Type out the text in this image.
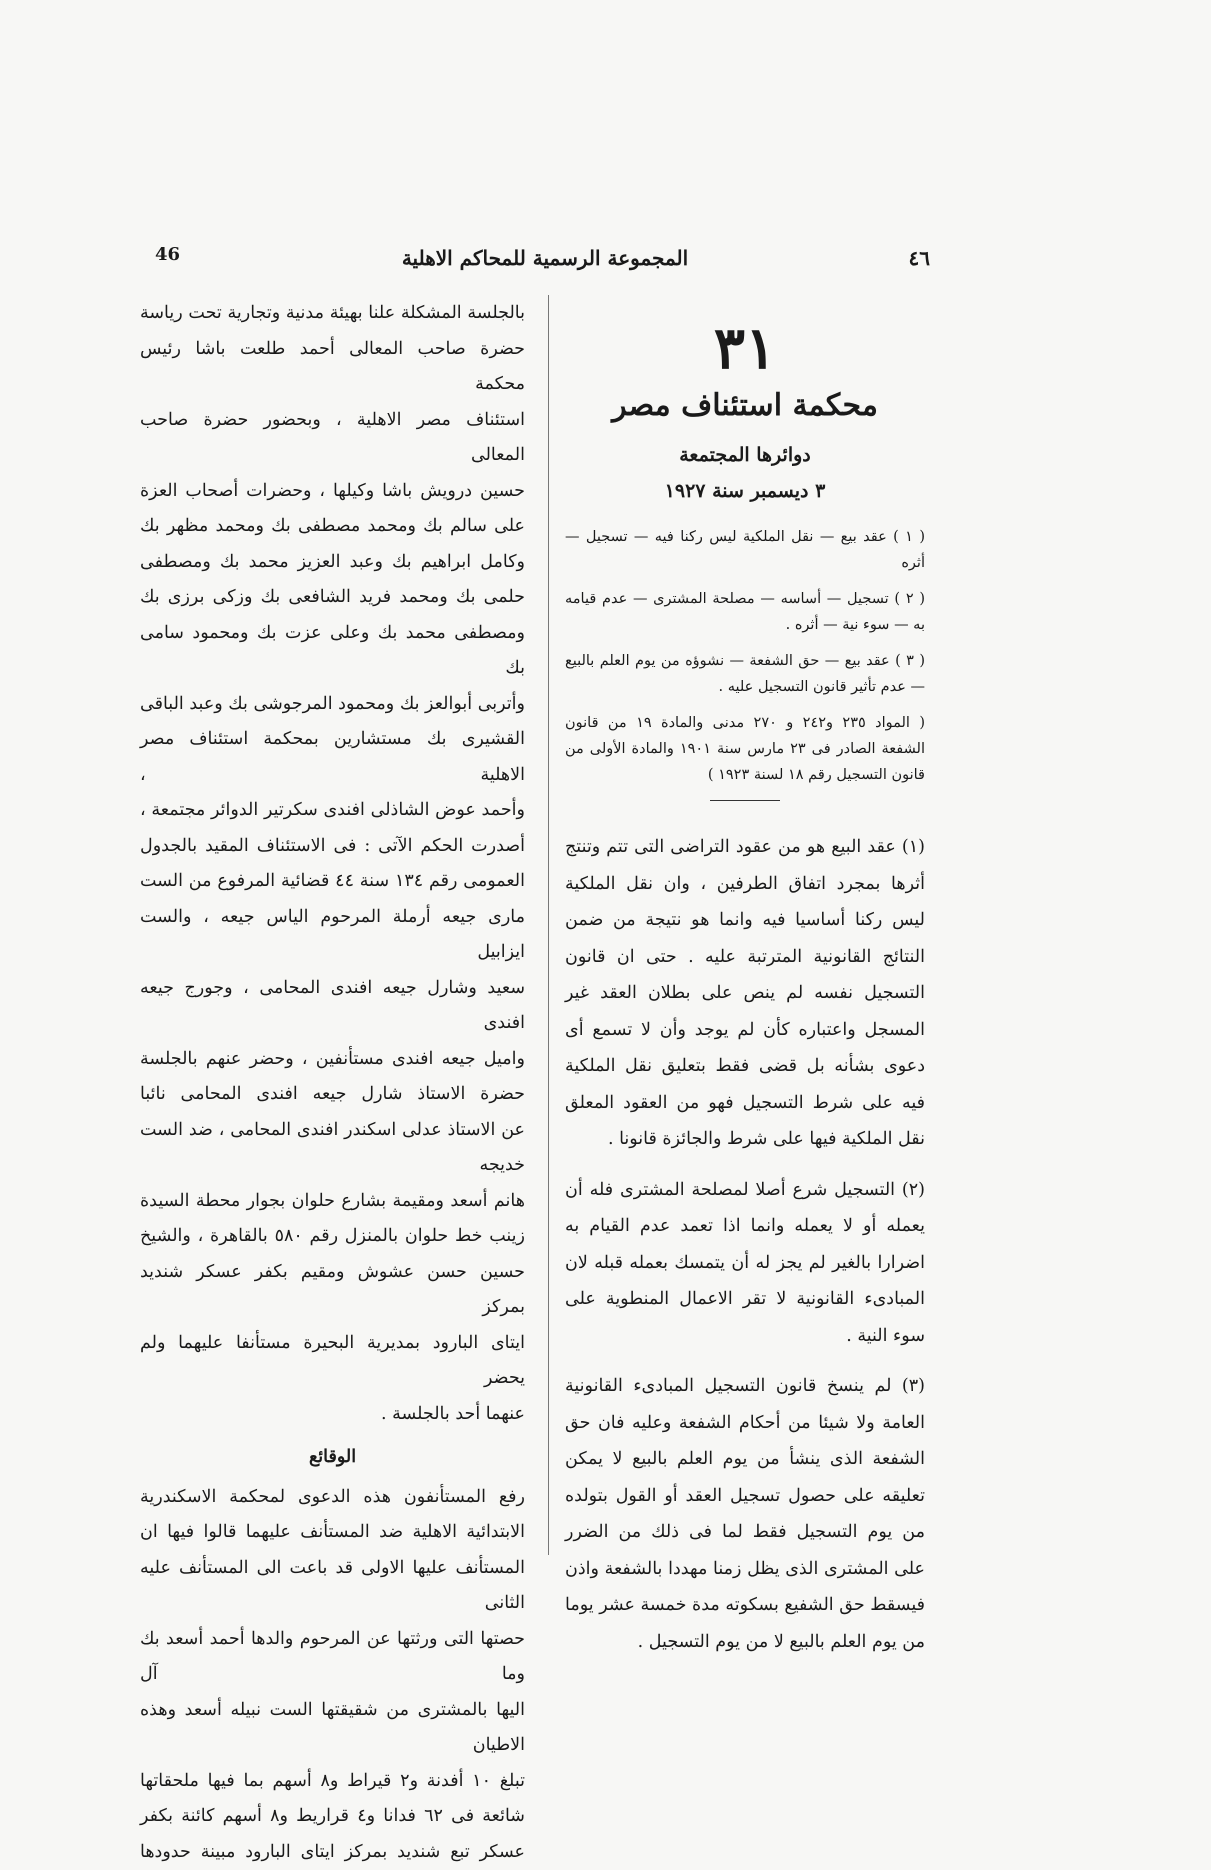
46	المجموعة الرسمية للمحاكم الاهلية	٤٦
٣١
محكمة استئناف مصر
دوائرها المجتمعة
٣ ديسمبر سنة ١٩٢٧

( ١ ) عقد بيع — نقل الملكية ليس ركنا فيه — تسجيل — أثره

( ٢ ) تسجيل — أساسه — مصلحة المشترى — عدم قيامه به — سوء نية — أثره .

( ٣ ) عقد بيع — حق الشفعة — نشوؤه من يوم العلم بالبيع — عدم تأثير قانون التسجيل عليه .

( المواد ٢٣٥ و٢٤٢ و ٢٧٠ مدنى والمادة ١٩ من قانون الشفعة الصادر فى ٢٣ مارس سنة ١٩٠١ والمادة الأولى من قانون التسجيل رقم ١٨ لسنة ١٩٢٣ )

(١) عقد البيع هو من عقود التراضى التى تتم وتنتج أثرها بمجرد اتفاق الطرفين ، وان نقل الملكية ليس ركنا أساسيا فيه وانما هو نتيجة من ضمن النتائج القانونية المترتبة عليه . حتى ان قانون التسجيل نفسه لم ينص على بطلان العقد غير المسجل واعتباره كأن لم يوجد وأن لا تسمع أى دعوى بشأنه بل قضى فقط بتعليق نقل الملكية فيه على شرط التسجيل فهو من العقود المعلق نقل الملكية فيها على شرط والجائزة قانونا .

(٢) التسجيل شرع أصلا لمصلحة المشترى فله أن يعمله أو لا يعمله وانما اذا تعمد عدم القيام به اضرارا بالغير لم يجز له أن يتمسك بعمله قبله لان المبادىء القانونية لا تقر الاعمال المنطوية على سوء النية .

(٣) لم ينسخ قانون التسجيل المبادىء القانونية العامة ولا شيئا من أحكام الشفعة وعليه فان حق الشفعة الذى ينشأ من يوم العلم بالبيع لا يمكن تعليقه على حصول تسجيل العقد أو القول بتولده من يوم التسجيل فقط لما فى ذلك من الضرر على المشترى الذى يظل زمنا مهددا بالشفعة واذن فيسقط حق الشفيع بسكوته مدة خمسة عشر يوما من يوم العلم بالبيع لا من يوم التسجيل .

بالجلسة المشكلة علنا بهيئة مدنية وتجارية تحت رياسة

حضرة صاحب المعالى أحمد طلعت باشا رئيس محكمة

استئناف مصر الاهلية ، وبحضور حضرة صاحب المعالى

حسين درويش باشا وكيلها ، وحضرات أصحاب العزة

على سالم بك ومحمد مصطفى بك ومحمد مظهر بك

وكامل ابراهيم بك وعبد العزيز محمد بك ومصطفى

حلمى بك ومحمد فريد الشافعى بك وزكى برزى بك

ومصطفى محمد بك وعلى عزت بك ومحمود سامى بك

وأتربى أبوالعز بك ومحمود المرجوشى بك وعبد الباقى

القشيرى بك مستشارين بمحكمة استئناف مصر الاهلية ،

وأحمد عوض الشاذلى افندى سكرتير الدوائر مجتمعة ،

أصدرت الحكم الآتى : فى الاستئناف المقيد بالجدول

العمومى رقم ١٣٤ سنة ٤٤ قضائية المرفوع من الست

مارى جيعه أرملة المرحوم الياس جيعه ، والست ايزابيل

سعيد وشارل جيعه افندى المحامى ، وجورج جيعه افندى

واميل جيعه افندى مستأنفين ، وحضر عنهم بالجلسة

حضرة الاستاذ شارل جيعه افندى المحامى نائبا

عن الاستاذ عدلى اسكندر افندى المحامى ، ضد الست خديجه

هانم أسعد ومقيمة بشارع حلوان بجوار محطة السيدة

زينب خط حلوان بالمنزل رقم ٥٨٠ بالقاهرة ، والشيخ

حسين حسن عشوش ومقيم بكفر عسكر شنديد بمركز

ايتاى البارود بمديرية البحيرة مستأنفا عليهما ولم يحضر

عنهما أحد بالجلسة .

الوقائع

رفع المستأنفون هذه الدعوى لمحكمة الاسكندرية

الابتدائية الاهلية ضد المستأنف عليهما قالوا فيها ان

المستأنف عليها الاولى قد باعت الى المستأنف عليه الثانى

حصتها التى ورثتها عن المرحوم والدها أحمد أسعد بك وما آل

اليها بالمشترى من شقيقتها الست نبيله أسعد وهذه الاطيان

تبلغ ١٠ أفدنة و٢ قيراط و٨ أسهم بما فيها ملحقاتها

شائعة فى ٦٢ فدانا و٤ قراريط و٨ أسهم كائنة بكفر

عسكر تبع شنديد بمركز ايتاى البارود مبينة حدودها
